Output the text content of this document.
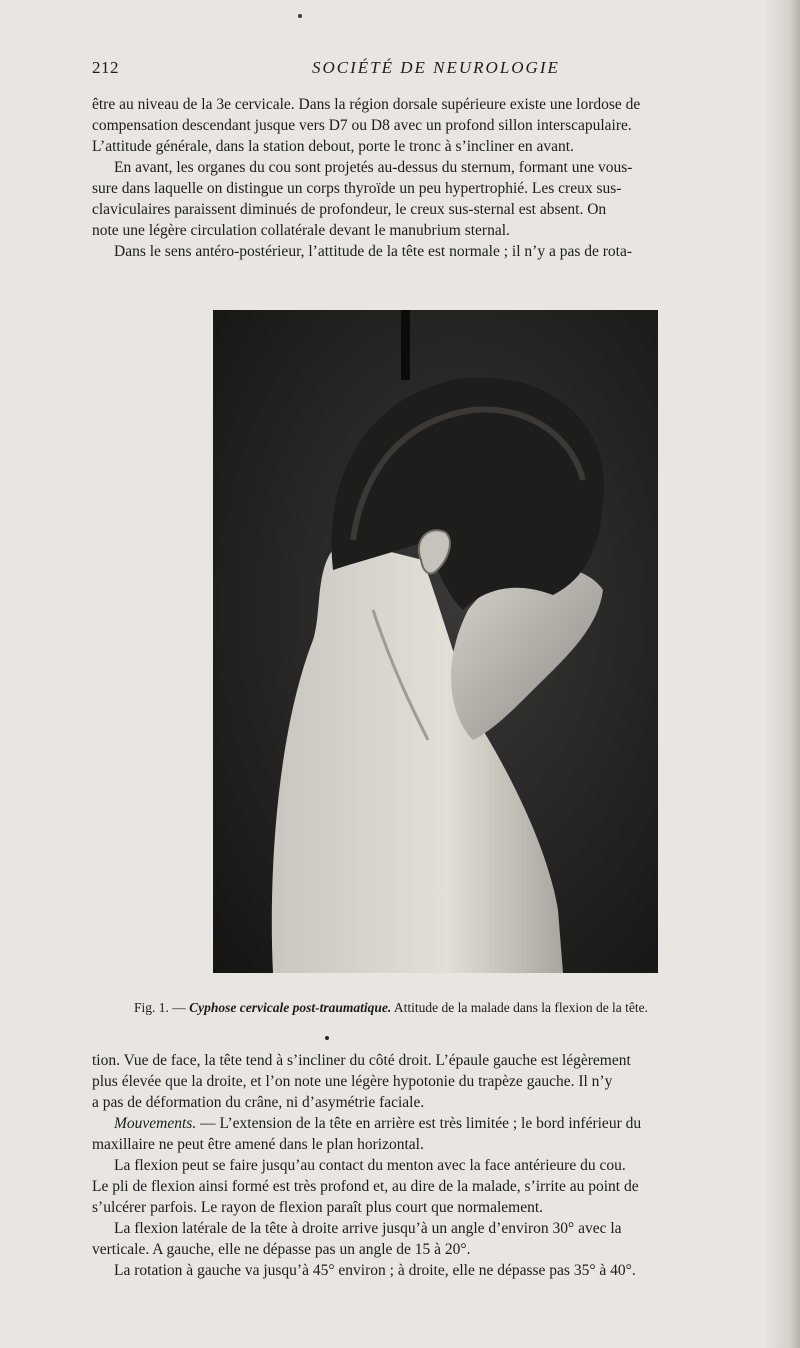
212	SOCIÉTÉ DE NEUROLOGIE
être au niveau de la 3e cervicale. Dans la région dorsale supérieure existe une lordose de
compensation descendant jusque vers D7 ou D8 avec un profond sillon interscapulaire.
L’attitude générale, dans la station debout, porte le tronc à s’incliner en avant.
En avant, les organes du cou sont projetés au-dessus du sternum, formant une vous-
sure dans laquelle on distingue un corps thyroïde un peu hypertrophié. Les creux sus-
claviculaires paraissent diminués de profondeur, le creux sus-sternal est absent. On
note une légère circulation collatérale devant le manubrium sternal.
Dans le sens antéro-postérieur, l’attitude de la tête est normale ; il n’y a pas de rota-
Fig. 1. — Cyphose cervicale post-traumatique. Attitude de la malade dans la flexion de la tête.
tion. Vue de face, la tête tend à s’incliner du côté droit. L’épaule gauche est légèrement
plus élevée que la droite, et l’on note une légère hypotonie du trapèze gauche. Il n’y
a pas de déformation du crâne, ni d’asymétrie faciale.
Mouvements. — L’extension de la tête en arrière est très limitée ; le bord inférieur du
maxillaire ne peut être amené dans le plan horizontal.
La flexion peut se faire jusqu’au contact du menton avec la face antérieure du cou.
Le pli de flexion ainsi formé est très profond et, au dire de la malade, s’irrite au point de
s’ulcérer parfois. Le rayon de flexion paraît plus court que normalement.
La flexion latérale de la tête à droite arrive jusqu’à un angle d’environ 30° avec la
verticale. A gauche, elle ne dépasse pas un angle de 15 à 20°.
La rotation à gauche va jusqu’à 45° environ ; à droite, elle ne dépasse pas 35° à 40°.
